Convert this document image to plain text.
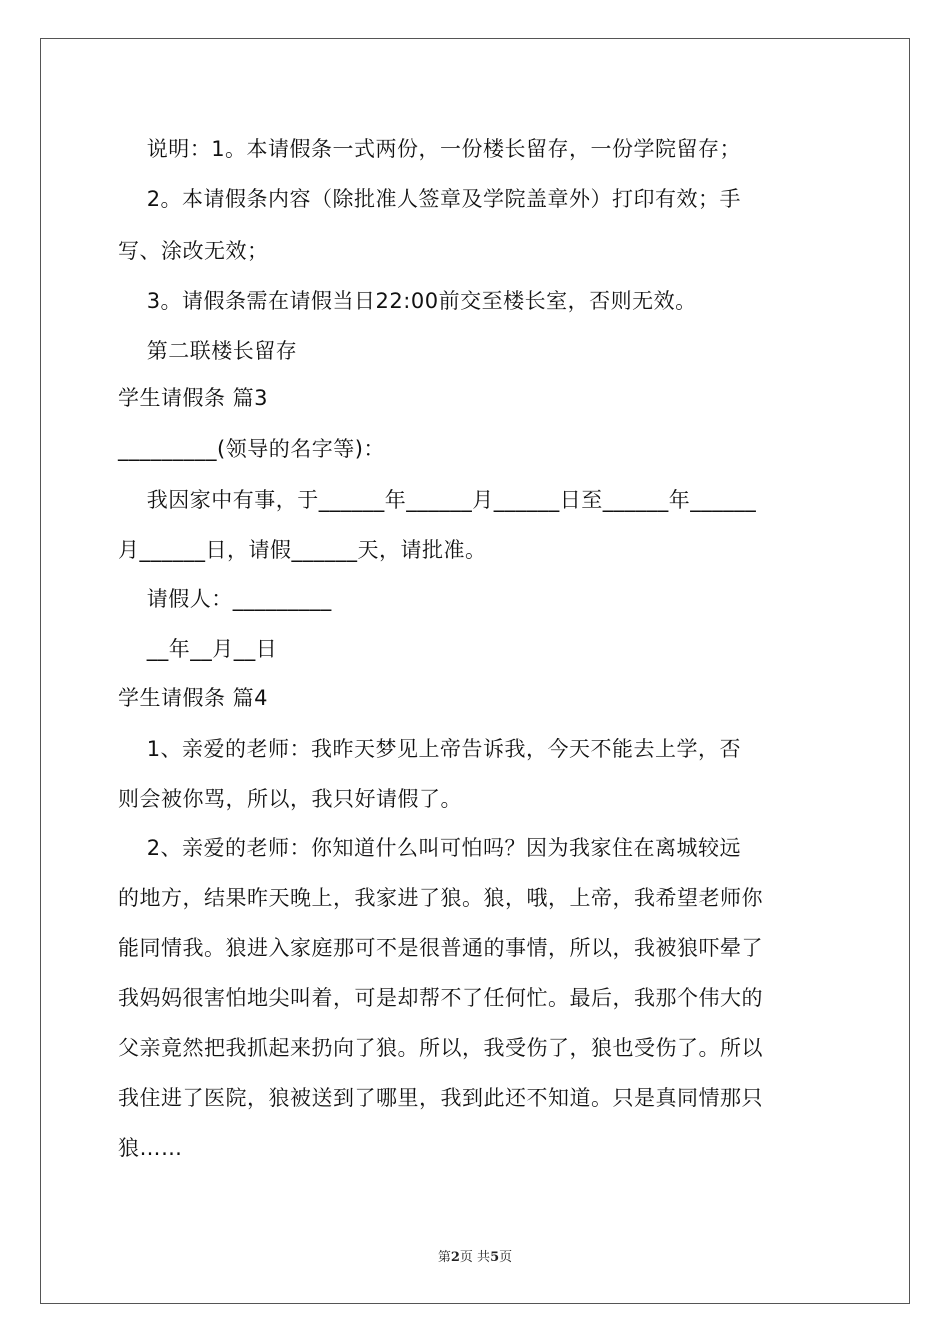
说明：1。本请假条一式两份，一份楼长留存，一份学院留存；
2。本请假条内容（除批准人签章及学院盖章外）打印有效；手
写、涂改无效；
3。请假条需在请假当日22:00前交至楼长室，否则无效。
第二联楼长留存
学生请假条 篇3
_________(领导的名字等)：
我因家中有事，于______年______月______日至______年______
月______日，请假______天，请批准。
请假人：_________
__年__月__日
学生请假条 篇4
1、亲爱的老师：我昨天梦见上帝告诉我，今天不能去上学，否
则会被你骂，所以，我只好请假了。
2、亲爱的老师：你知道什么叫可怕吗？因为我家住在离城较远
的地方，结果昨天晚上，我家进了狼。狼，哦，上帝，我希望老师你
能同情我。狼进入家庭那可不是很普通的事情，所以，我被狼吓晕了
我妈妈很害怕地尖叫着，可是却帮不了任何忙。最后，我那个伟大的
父亲竟然把我抓起来扔向了狼。所以，我受伤了，狼也受伤了。所以
我住进了医院，狼被送到了哪里，我到此还不知道。只是真同情那只
狼……
第2页 共5页
